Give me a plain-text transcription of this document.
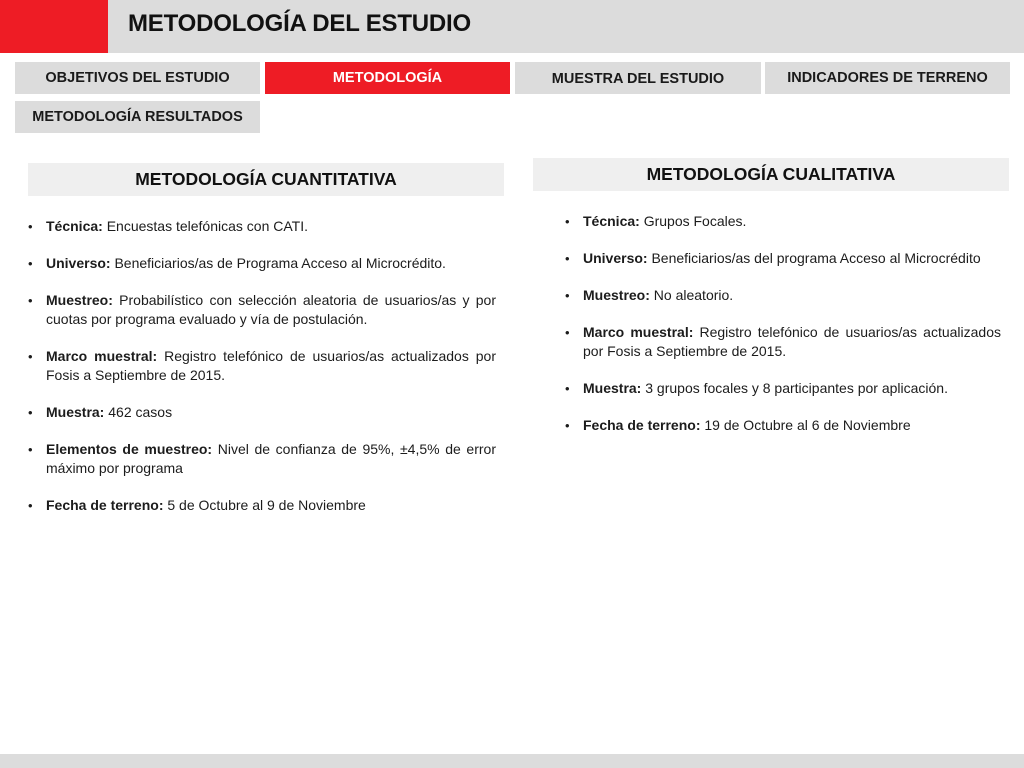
METODOLOGÍA DEL ESTUDIO
OBJETIVOS DEL ESTUDIO	METODOLOGÍA	MUESTRA DEL ESTUDIO	INDICADORES DE TERRENO
METODOLOGÍA RESULTADOS
METODOLOGÍA CUANTITATIVA	METODOLOGÍA CUALITATIVA
• Técnica: Encuestas telefónicas con CATI.
• Universo: Beneficiarios/as de Programa Acceso al Microcrédito.
• Muestreo: Probabilístico con selección aleatoria de usuarios/as y por cuotas por programa evaluado y vía de postulación.
• Marco muestral: Registro telefónico de usuarios/as actualizados por Fosis a Septiembre de 2015.
• Muestra: 462 casos
• Elementos de muestreo: Nivel de confianza de 95%, ±4,5% de error máximo por programa
• Fecha de terreno: 5 de Octubre al 9 de Noviembre
• Técnica: Grupos Focales.
• Universo: Beneficiarios/as del programa Acceso al Microcrédito
• Muestreo: No aleatorio.
• Marco muestral: Registro telefónico de usuarios/as actualizados por Fosis a Septiembre de 2015.
• Muestra: 3 grupos focales y 8 participantes por aplicación.
• Fecha de terreno: 19 de Octubre al 6 de Noviembre
